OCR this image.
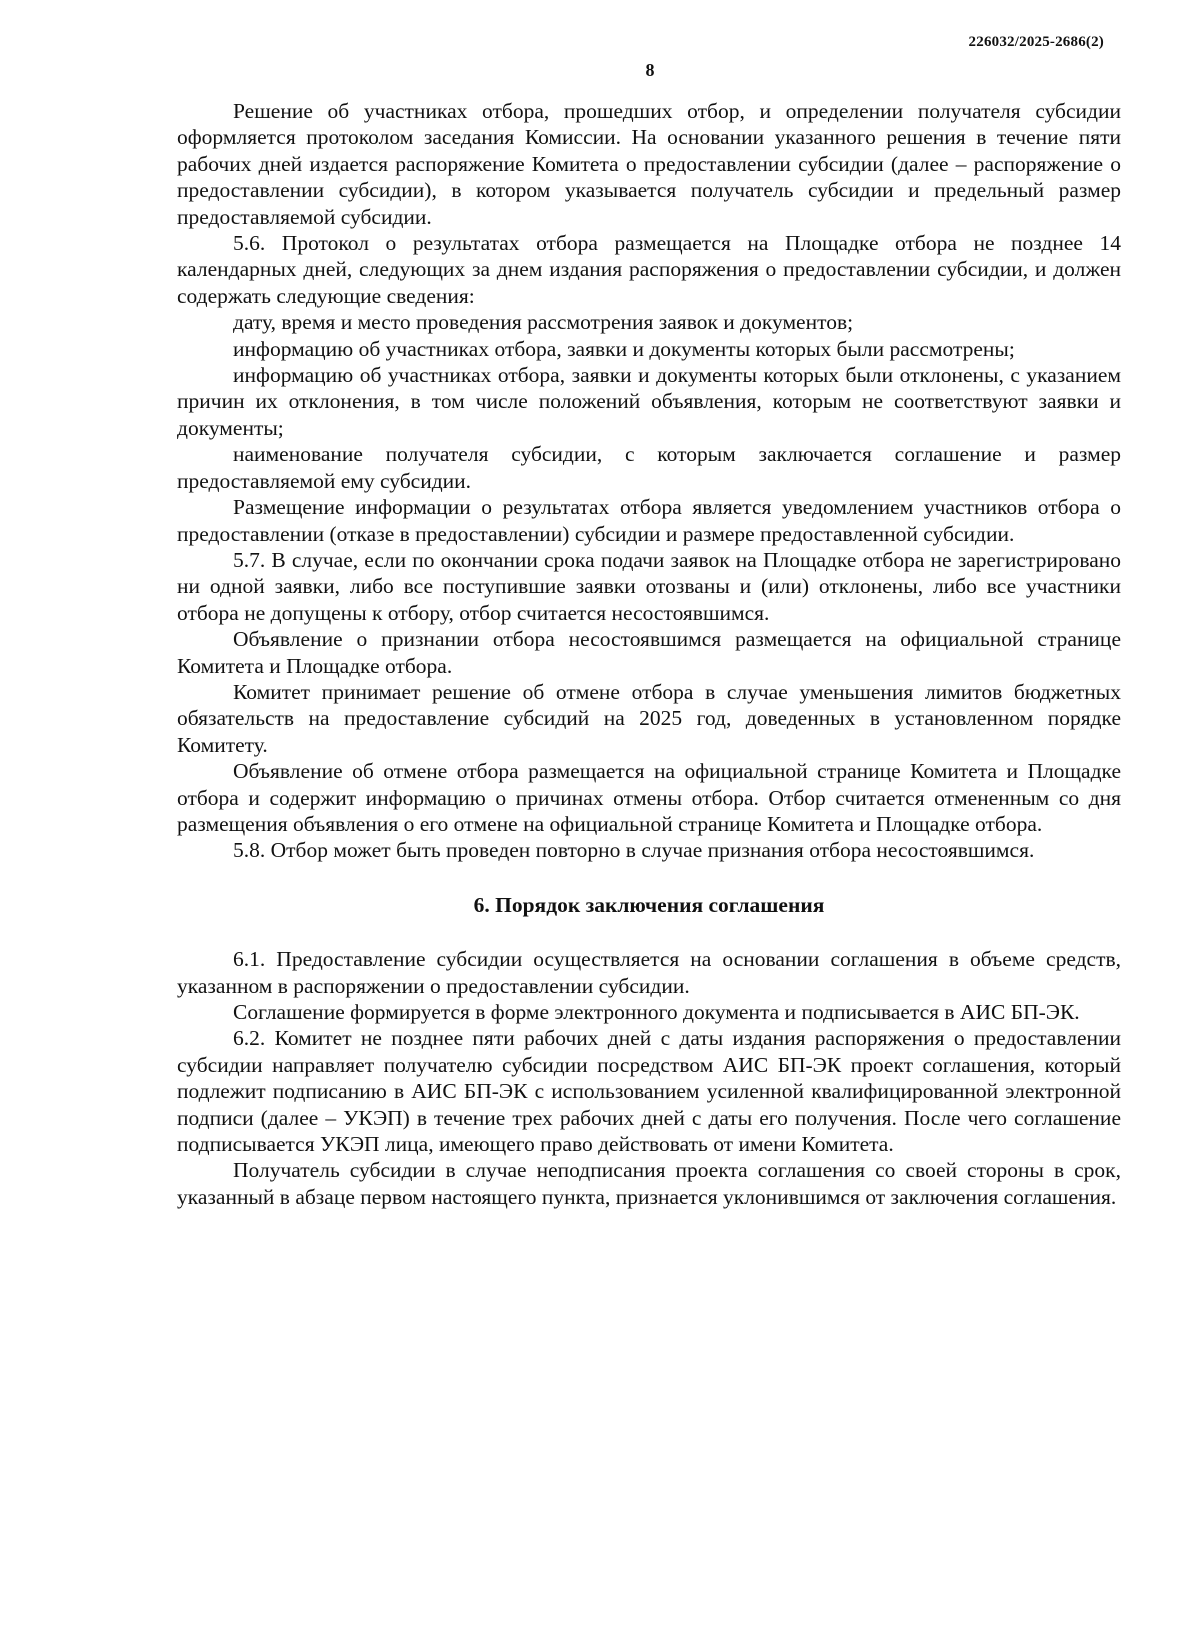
226032/2025-2686(2)
8

Решение об участниках отбора, прошедших отбор, и определении получателя субсидии оформляется протоколом заседания Комиссии. На основании указанного решения в течение пяти рабочих дней издается распоряжение Комитета о предоставлении субсидии (далее – распоряжение о предоставлении субсидии), в котором указывается получатель субсидии и предельный размер предоставляемой субсидии.

5.6. Протокол о результатах отбора размещается на Площадке отбора не позднее 14 календарных дней, следующих за днем издания распоряжения о предоставлении субсидии, и должен содержать следующие сведения:

дату, время и место проведения рассмотрения заявок и документов;

информацию об участниках отбора, заявки и документы которых были рассмотрены;

информацию об участниках отбора, заявки и документы которых были отклонены, с указанием причин их отклонения, в том числе положений объявления, которым не соответствуют заявки и документы;

наименование получателя субсидии, с которым заключается соглашение и размер предоставляемой ему субсидии.

Размещение информации о результатах отбора является уведомлением участников отбора о предоставлении (отказе в предоставлении) субсидии и размере предоставленной субсидии.

5.7. В случае, если по окончании срока подачи заявок на Площадке отбора не зарегистрировано ни одной заявки, либо все поступившие заявки отозваны и (или) отклонены, либо все участники отбора не допущены к отбору, отбор считается несостоявшимся.

Объявление о признании отбора несостоявшимся размещается на официальной странице Комитета и Площадке отбора.

Комитет принимает решение об отмене отбора в случае уменьшения лимитов бюджетных обязательств на предоставление субсидий на 2025 год, доведенных в установленном порядке Комитету.

Объявление об отмене отбора размещается на официальной странице Комитета и Площадке отбора и содержит информацию о причинах отмены отбора. Отбор считается отмененным со дня размещения объявления о его отмене на официальной странице Комитета и Площадке отбора.

5.8. Отбор может быть проведен повторно в случае признания отбора несостоявшимся.

6. Порядок заключения соглашения

6.1. Предоставление субсидии осуществляется на основании соглашения в объеме средств, указанном в распоряжении о предоставлении субсидии.

Соглашение формируется в форме электронного документа и подписывается в АИС БП-ЭК.

6.2. Комитет не позднее пяти рабочих дней с даты издания распоряжения о предоставлении субсидии направляет получателю субсидии посредством АИС БП-ЭК проект соглашения, который подлежит подписанию в АИС БП-ЭК с использованием усиленной квалифицированной электронной подписи (далее – УКЭП) в течение трех рабочих дней с даты его получения. После чего соглашение подписывается УКЭП лица, имеющего право действовать от имени Комитета.

Получатель субсидии в случае неподписания проекта соглашения со своей стороны в срок, указанный в абзаце первом настоящего пункта, признается уклонившимся от заключения соглашения.
